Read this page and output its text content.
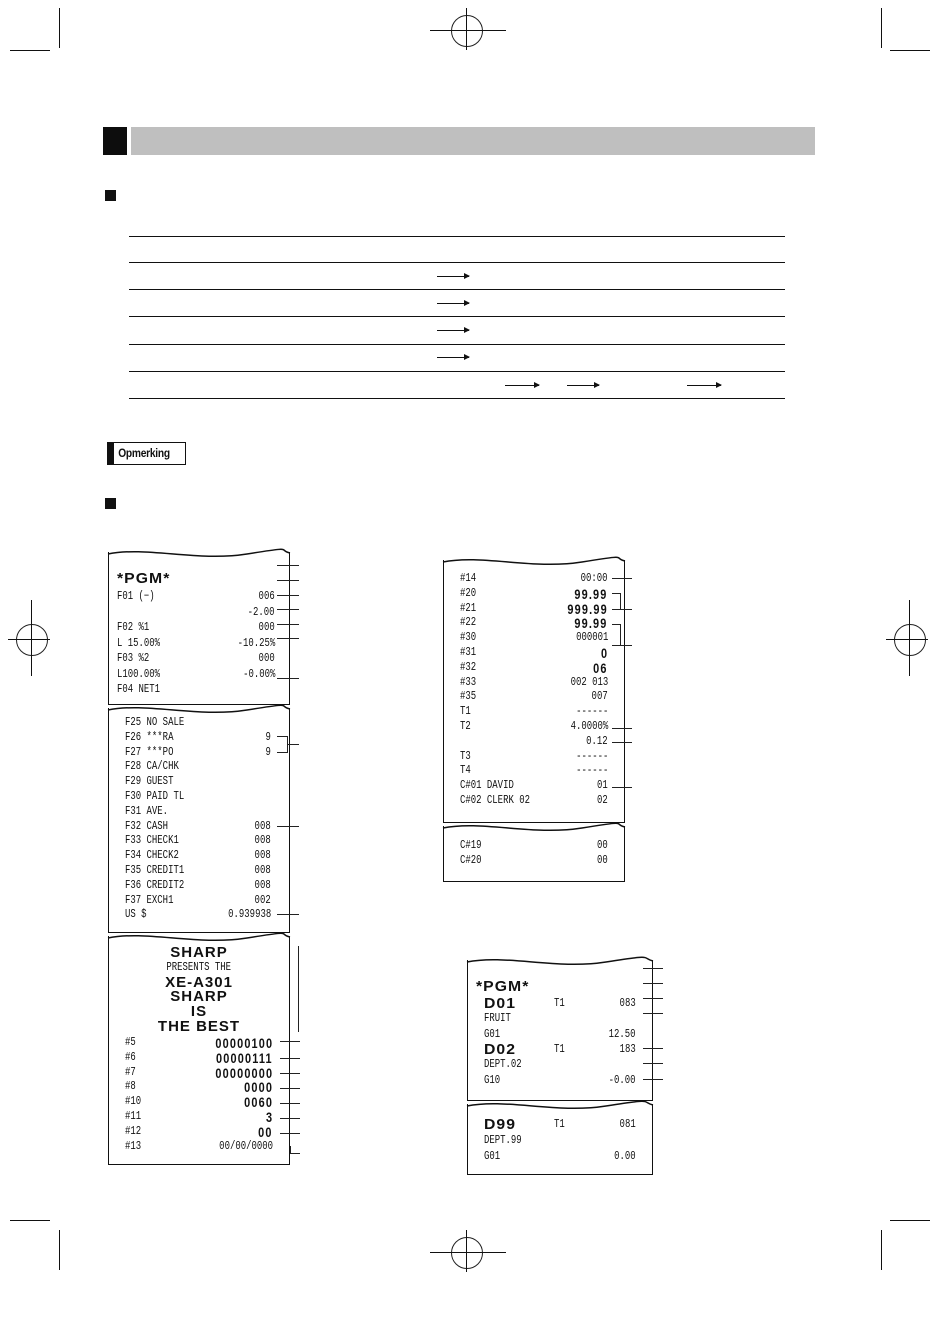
Opmerking
*PGM*
F01 (−)	006
-2.00
F02 %1	000
L 15.00%	-10.25%
F03 %2	000
L100.00%	-0.00%
F04 NET1
F25 NO SALE
F26 ***RA	9
F27 ***PO	9
F28 CA/CHK
F29 GUEST
F30 PAID TL
F31 AVE.
F32 CASH	008
F33 CHECK1	008
F34 CHECK2	008
F35 CREDIT1	008
F36 CREDIT2	008
F37 EXCH1	002
US $	0.939938
SHARP
PRESENTS THE
XE-A301
SHARP
IS
THE BEST
#5	00000100
#6	00000111
#7	00000000
#8	0000
#10	0060
#11	3
#12	00
#13	00/00/0000
#14	00:00
#20	99.99
#21	999.99
#22	99.99
#30	000001
#31	0
#32	06
#33	002 013
#35	007
T1	------
T2	4.0000%
0.12
T3	------
T4	------
C#01 DAVID	01
C#02 CLERK 02	02
C#19	00
C#20	00
*PGM*
D01	T1	083
FRUIT
G01	12.50
D02	T1	183
DEPT.02
G10	-0.00
D99	T1	081
DEPT.99
G01	0.00
